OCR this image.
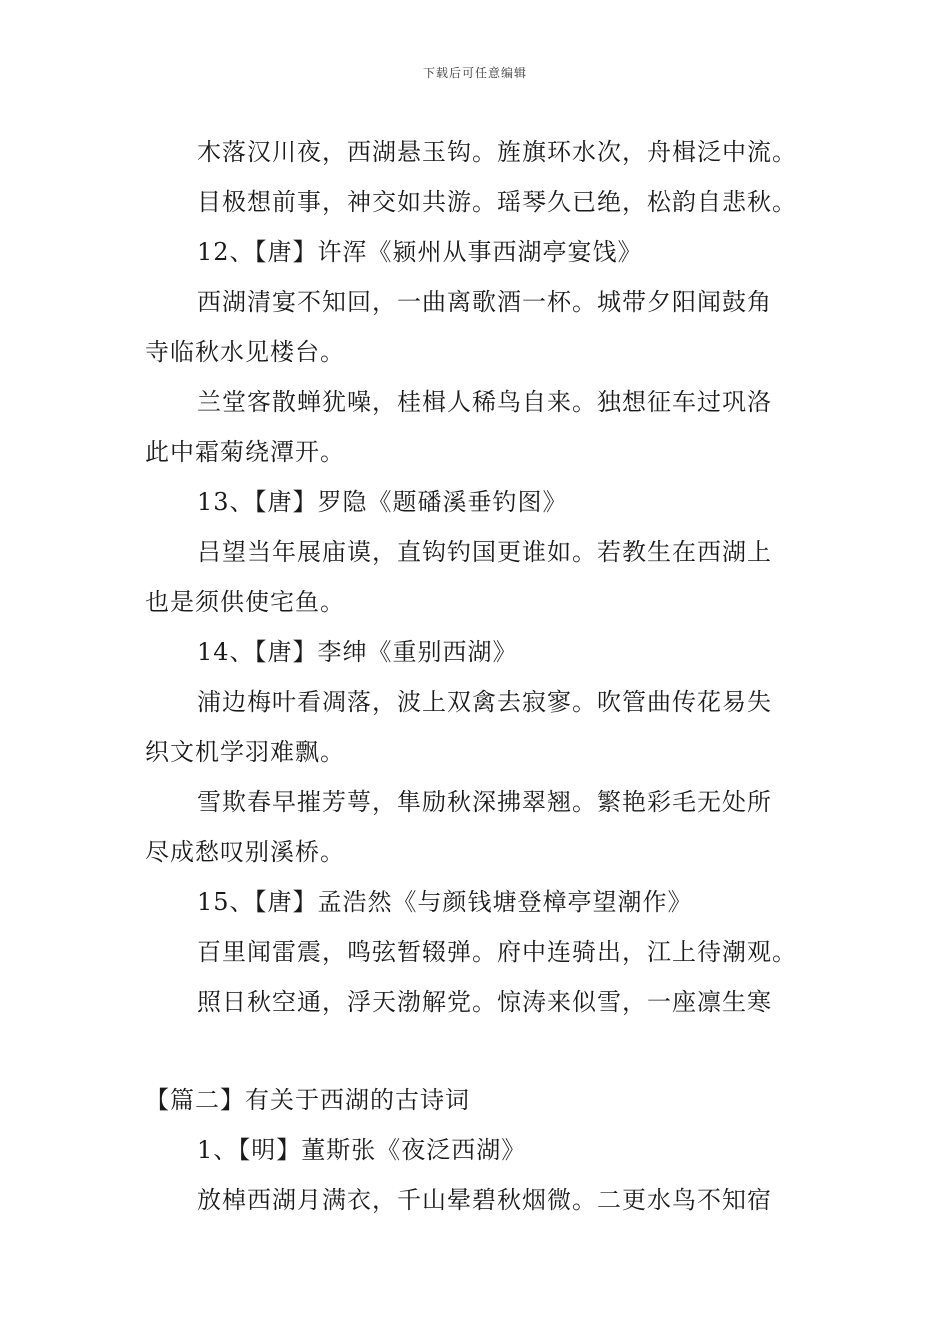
下载后可任意编辑
木落汉川夜，西湖悬玉钩。旌旗环水次，舟楫泛中流。
目极想前事，神交如共游。瑶琴久已绝，松韵自悲秋。
12、【唐】许浑《颍州从事西湖亭宴饯》
西湖清宴不知回，一曲离歌酒一杯。城带夕阳闻鼓角
寺临秋水见楼台。
兰堂客散蝉犹噪，桂楫人稀鸟自来。独想征车过巩洛
此中霜菊绕潭开。
13、【唐】罗隐《题磻溪垂钓图》
吕望当年展庙谟，直钩钓国更谁如。若教生在西湖上
也是须供使宅鱼。
14、【唐】李绅《重别西湖》
浦边梅叶看凋落，波上双禽去寂寥。吹管曲传花易失
织文机学羽难飘。
雪欺春早摧芳萼，隼励秋深拂翠翘。繁艳彩毛无处所
尽成愁叹别溪桥。
15、【唐】孟浩然《与颜钱塘登樟亭望潮作》
百里闻雷震，鸣弦暂辍弹。府中连骑出，江上待潮观。
照日秋空通，浮天渤解党。惊涛来似雪，一座凛生寒
【篇二】有关于西湖的古诗词
1、【明】董斯张《夜泛西湖》
放棹西湖月满衣，千山晕碧秋烟微。二更水鸟不知宿
